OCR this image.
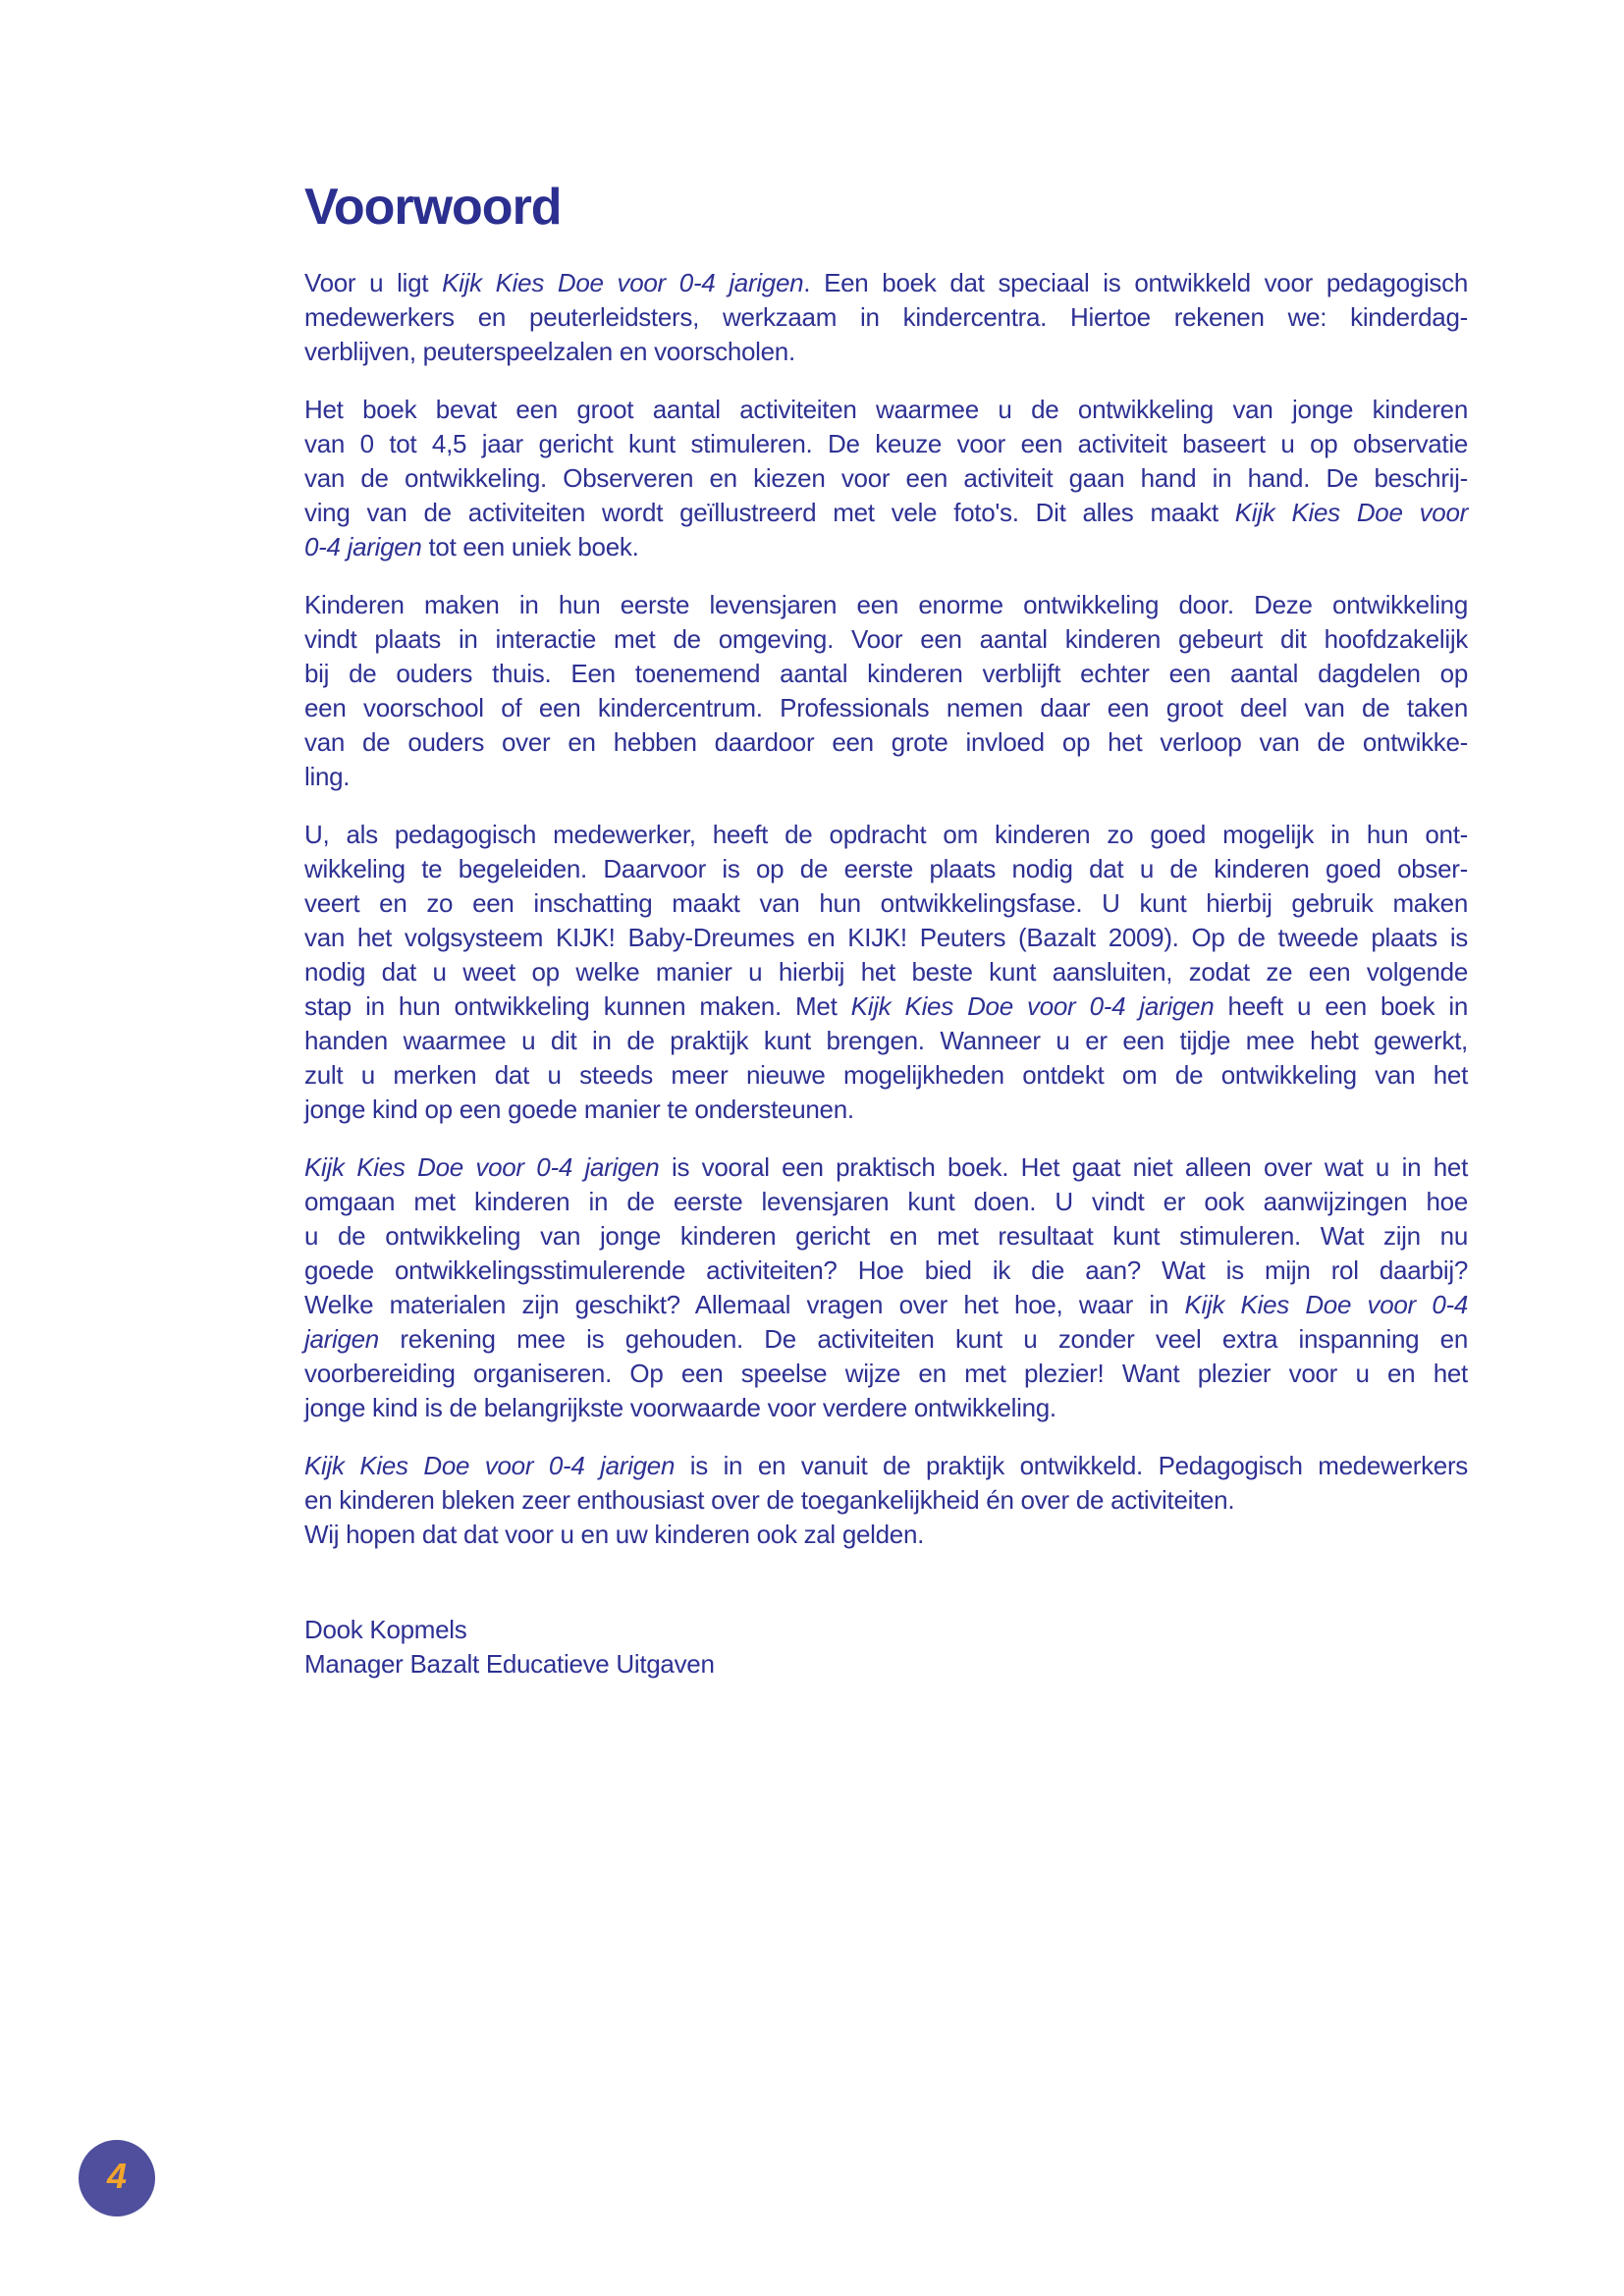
Voorwoord
Voor u ligt Kijk Kies Doe voor 0-4 jarigen. Een boek dat speciaal is ontwikkeld voor pedagogisch
medewerkers en peuterleidsters, werkzaam in kindercentra. Hiertoe rekenen we: kinderdag-
verblijven, peuterspeelzalen en voorscholen.
Het boek bevat een groot aantal activiteiten waarmee u de ontwikkeling van jonge kinderen
van 0 tot 4,5 jaar gericht kunt stimuleren. De keuze voor een activiteit baseert u op observatie
van de ontwikkeling. Observeren en kiezen voor een activiteit gaan hand in hand. De beschrij-
ving van de activiteiten wordt geïllustreerd met vele foto's. Dit alles maakt Kijk Kies Doe voor
0-4 jarigen tot een uniek boek.
Kinderen maken in hun eerste levensjaren een enorme ontwikkeling door. Deze ontwikkeling
vindt plaats in interactie met de omgeving. Voor een aantal kinderen gebeurt dit hoofdzakelijk
bij de ouders thuis. Een toenemend aantal kinderen verblijft echter een aantal dagdelen op
een voorschool of een kindercentrum. Professionals nemen daar een groot deel van de taken
van de ouders over en hebben daardoor een grote invloed op het verloop van de ontwikke-
ling.
U, als pedagogisch medewerker, heeft de opdracht om kinderen zo goed mogelijk in hun ont-
wikkeling te begeleiden. Daarvoor is op de eerste plaats nodig dat u de kinderen goed obser-
veert en zo een inschatting maakt van hun ontwikkelingsfase. U kunt hierbij gebruik maken
van het volgsysteem KIJK! Baby-Dreumes en KIJK! Peuters (Bazalt 2009). Op de tweede plaats is
nodig dat u weet op welke manier u hierbij het beste kunt aansluiten, zodat ze een volgende
stap in hun ontwikkeling kunnen maken. Met Kijk Kies Doe voor 0-4 jarigen heeft u een boek in
handen waarmee u dit in de praktijk kunt brengen. Wanneer u er een tijdje mee hebt gewerkt,
zult u merken dat u steeds meer nieuwe mogelijkheden ontdekt om de ontwikkeling van het
jonge kind op een goede manier te ondersteunen.
Kijk Kies Doe voor 0-4 jarigen is vooral een praktisch boek. Het gaat niet alleen over wat u in het
omgaan met kinderen in de eerste levensjaren kunt doen. U vindt er ook aanwijzingen hoe
u de ontwikkeling van jonge kinderen gericht en met resultaat kunt stimuleren. Wat zijn nu
goede ontwikkelingsstimulerende activiteiten? Hoe bied ik die aan? Wat is mijn rol daarbij?
Welke materialen zijn geschikt? Allemaal vragen over het hoe, waar in Kijk Kies Doe voor 0-4
jarigen rekening mee is gehouden. De activiteiten kunt u zonder veel extra inspanning en
voorbereiding organiseren. Op een speelse wijze en met plezier! Want plezier voor u en het
jonge kind is de belangrijkste voorwaarde voor verdere ontwikkeling.
Kijk Kies Doe voor 0-4 jarigen is in en vanuit de praktijk ontwikkeld. Pedagogisch medewerkers
en kinderen bleken zeer enthousiast over de toegankelijkheid én over de activiteiten.
Wij hopen dat dat voor u en uw kinderen ook zal gelden.
Dook Kopmels
Manager Bazalt Educatieve Uitgaven
4
